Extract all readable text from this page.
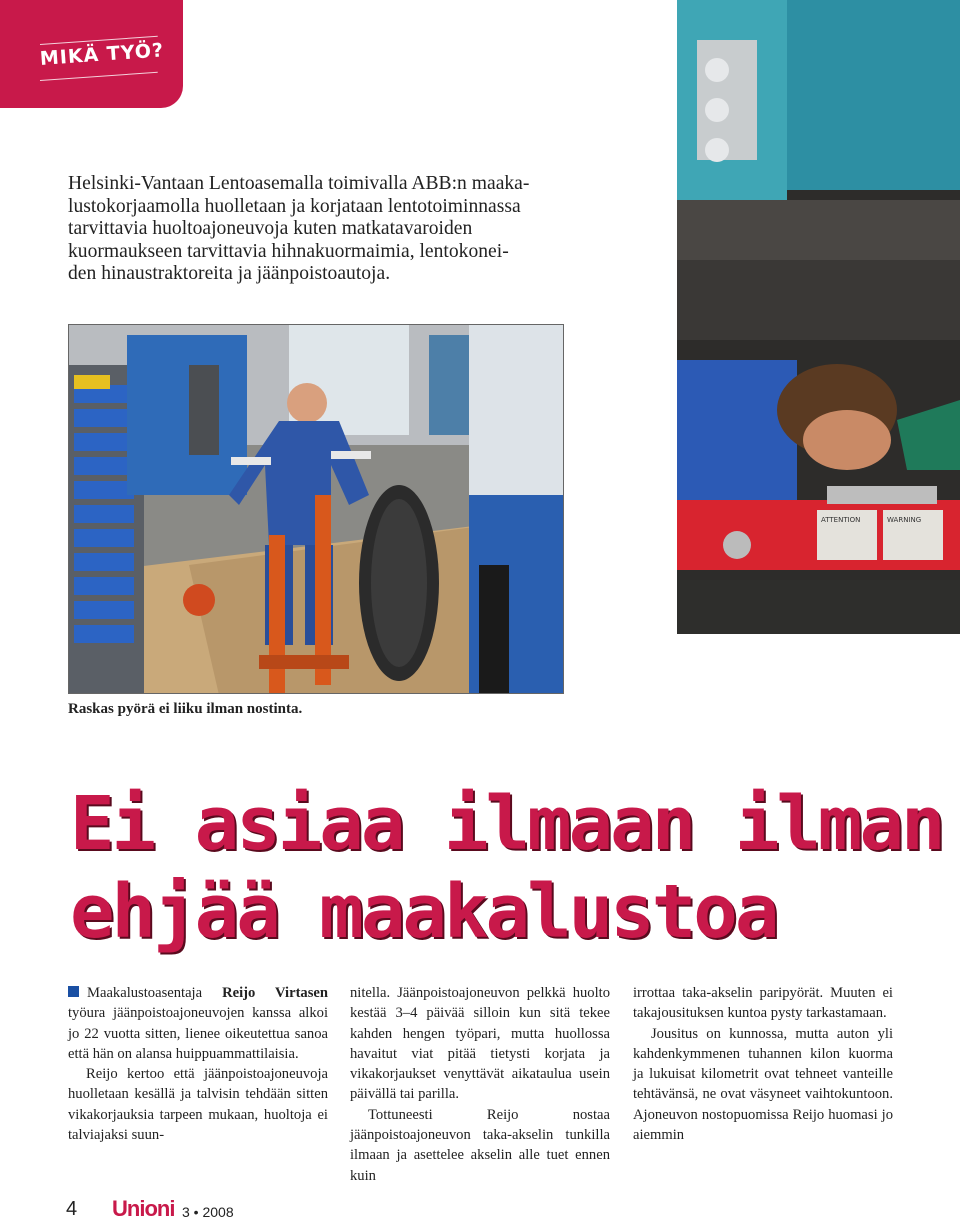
MIKÄ TYÖ?

Helsinki-Vantaan Lentoasemalla toimivalla ABB:n maaka-
lustokorjaamolla huolletaan ja korjataan lentotoiminnassa
tarvittavia huoltoajoneuvoja kuten matkatavaroiden
kuormaukseen tarvittavia hihnakuormaimia, lentokonei-
den hinaustraktoreita ja jäänpoistoautoja.

ATTENTION	WARNING

Raskas pyörä ei liiku ilman nostinta.

Ei asiaa ilmaan ilman
ehjää maakalustoa

Maakalustoasentaja Reijo Virtasen työura jäänpoistoajoneuvojen kanssa alkoi jo 22 vuotta sitten, lienee oikeutettua sanoa että hän on alansa huippuammattilaisia.

Reijo kertoo että jäänpoistoajoneuvoja huolletaan kesällä ja talvisin tehdään sitten vikakorjauksia tarpeen mukaan, huoltoja ei talviajaksi suun-

nitella. Jäänpoistoajoneuvon pelkkä huolto kestää 3–4 päivää silloin kun sitä tekee kahden hengen työpari, mutta huollossa havaitut viat pitää tietysti korjata ja vikakorjaukset venyttävät aikataulua usein päivällä tai parilla.

Tottuneesti Reijo nostaa jäänpoistoajoneuvon taka-akselin tunkilla ilmaan ja asettelee akselin alle tuet ennen kuin

irrottaa taka-akselin paripyörät. Muuten ei takajousituksen kuntoa pysty tarkastamaan.

Jousitus on kunnossa, mutta auton yli kahdenkymmenen tuhannen kilon kuorma ja lukuisat kilometrit ovat tehneet vanteille tehtävänsä, ne ovat väsyneet vaihtokuntoon. Ajoneuvon nostopuomissa Reijo huomasi jo aiemmin

4 Unioni 3 • 2008
